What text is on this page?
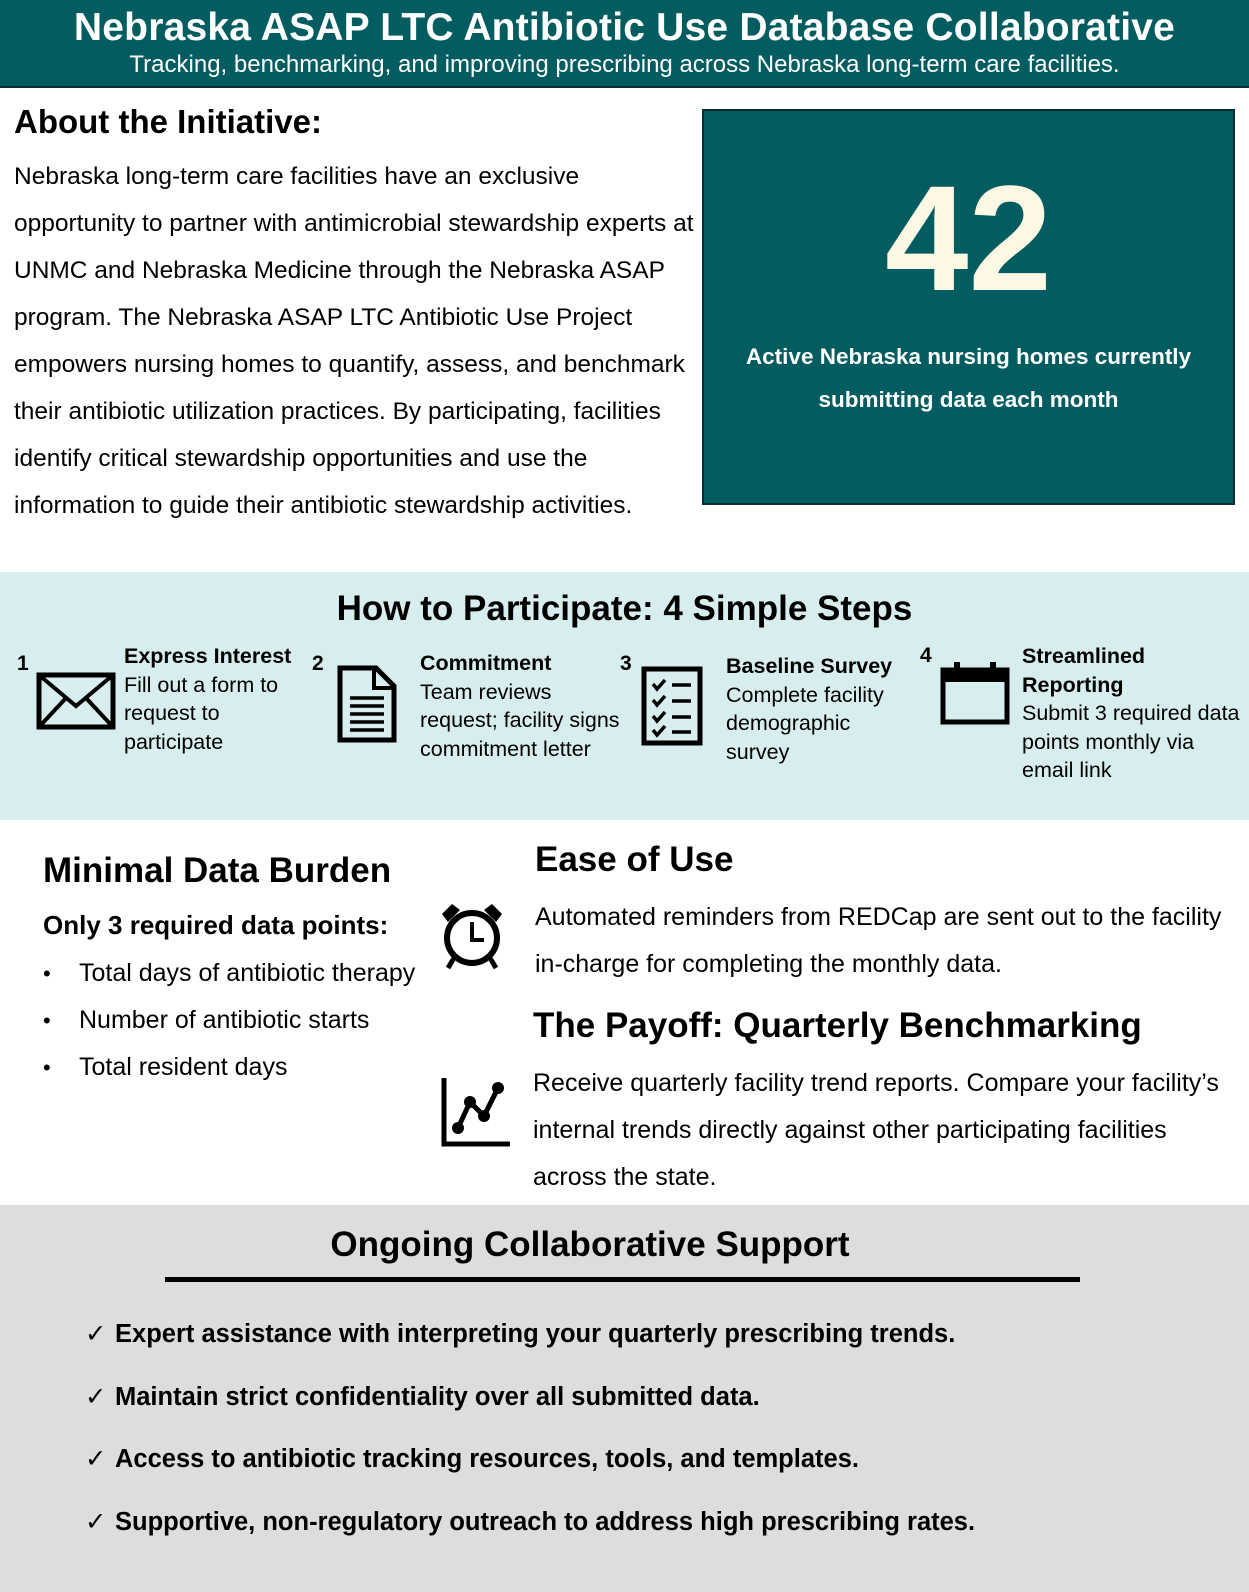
Nebraska ASAP LTC Antibiotic Use Database Collaborative
Tracking, benchmarking, and improving prescribing across Nebraska long-term care facilities.
About the Initiative:

Nebraska long-term care facilities have an exclusive opportunity to partner with antimicrobial stewardship experts at UNMC and Nebraska Medicine through the Nebraska ASAP program. The Nebraska ASAP LTC Antibiotic Use Project empowers nursing homes to quantify, assess, and benchmark their antibiotic utilization practices. By participating, facilities identify critical stewardship opportunities and use the information to guide their antibiotic stewardship activities.

42
Active Nebraska nursing homes currently submitting data each month
How to Participate: 4 Simple Steps
1	Express Interest
Fill out a form to request to participate
2	Commitment
Team reviews request; facility signs commitment letter
3	Baseline Survey
Complete facility demographic survey
4	Streamlined Reporting
Submit 3 required data points monthly via email link
Minimal Data Burden
Only 3 required data points:
• Total days of antibiotic therapy
• Number of antibiotic starts
• Total resident days
Ease of Use

Automated reminders from REDCap are sent out to the facility in-charge for completing the monthly data.

The Payoff: Quarterly Benchmarking

Receive quarterly facility trend reports. Compare your facility’s internal trends directly against other participating facilities across the state.

Ongoing Collaborative Support
✓ Expert assistance with interpreting your quarterly prescribing trends.
✓ Maintain strict confidentiality over all submitted data.
✓ Access to antibiotic tracking resources, tools, and templates.
✓ Supportive, non-regulatory outreach to address high prescribing rates.
